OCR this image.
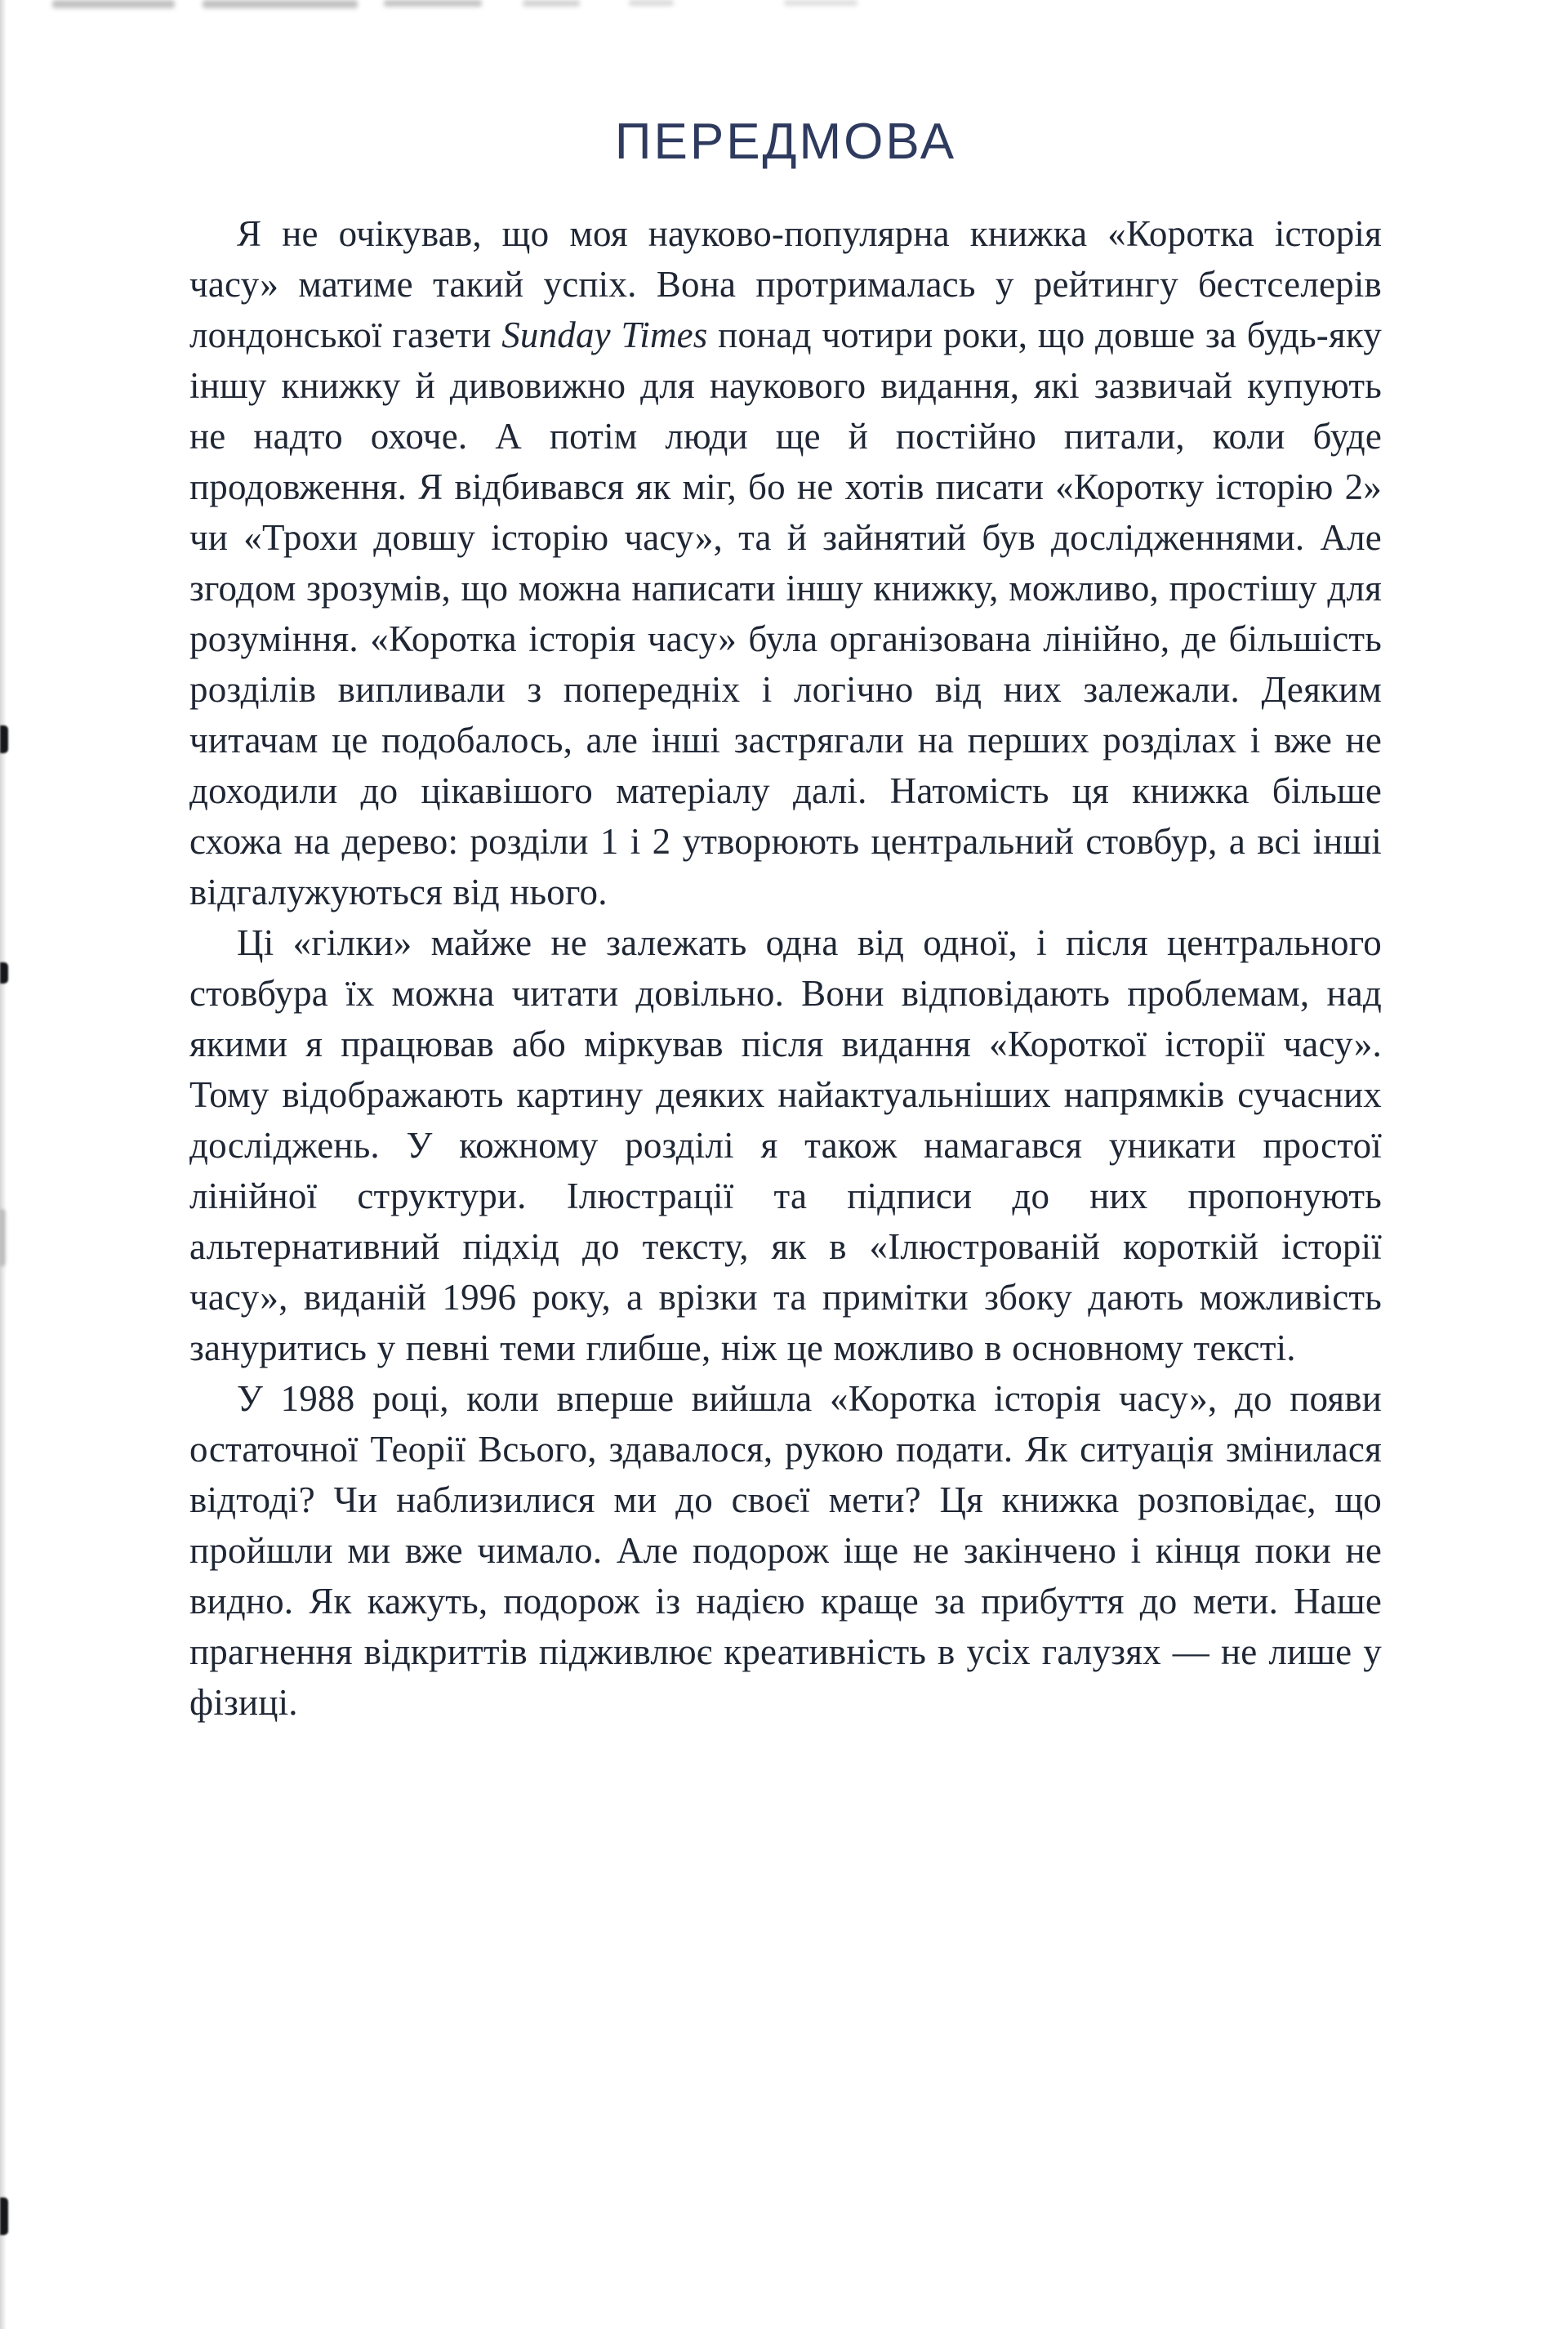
ПЕРЕДМОВА

Я не очікував, що моя науково-популярна книжка «Коротка історія часу» матиме такий успіх. Вона протрималась у рейтингу бестселерів лондонської газети Sunday Times понад чотири роки, що довше за будь-яку іншу книжку й дивовижно для наукового видання, які зазвичай купують не надто охоче. А потім люди ще й постійно питали, коли буде продовження. Я відбивався як міг, бо не хотів писати «Коротку історію 2» чи «Трохи довшу історію часу», та й зайнятий був дослідженнями. Але згодом зрозумів, що можна написати іншу книжку, можливо, простішу для розуміння. «Коротка історія часу» була організована лінійно, де більшість розділів випливали з попередніх і логічно від них залежали. Деяким читачам це подобалось, але інші застрягали на перших розділах і вже не доходили до цікавішого матеріалу далі. Натомість ця книжка більше схожа на дерево: розділи 1 і 2 утворюють центральний стовбур, а всі інші відгалужуються від нього.

Ці «гілки» майже не залежать одна від одної, і після центрального стовбура їх можна читати довільно. Вони відповідають проблемам, над якими я працював або міркував після видання «Короткої історії часу». Тому відображають картину деяких найактуальніших напрямків сучасних досліджень. У кожному розділі я також намагався уникати простої лінійної структури. Ілюстрації та підписи до них пропонують альтернативний підхід до тексту, як в «Ілюстрованій короткій історії часу», виданій 1996 року, а врізки та примітки збоку дають можливість зануритись у певні теми глибше, ніж це можливо в основному тексті.

У 1988 році, коли вперше вийшла «Коротка історія часу», до появи остаточної Теорії Всього, здавалося, рукою подати. Як ситуація змінилася відтоді? Чи наблизилися ми до своєї мети? Ця книжка розповідає, що пройшли ми вже чимало. Але подорож іще не закінчено і кінця поки не видно. Як кажуть, подорож із надією краще за прибуття до мети. Наше прагнення відкриттів підживлює креативність в усіх галузях — не лише у фізиці.
